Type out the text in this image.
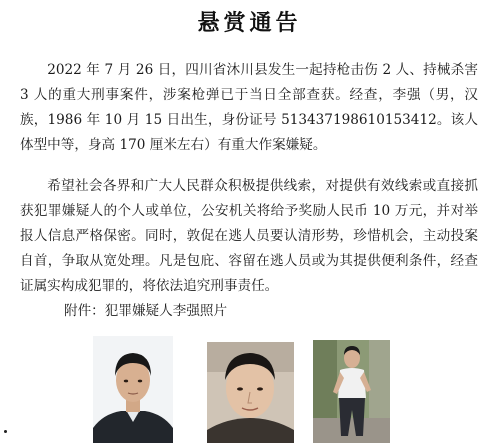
悬赏通告

2022 年 7 月 26 日，四川省沐川县发生一起持枪击伤 2 人、持械杀害 3 人的重大刑事案件，涉案枪弹已于当日全部查获。经查，李强（男，汉族，1986 年 10 月 15 日出生，身份证号 513437198610153412。该人体型中等，身高 170 厘米左右）有重大作案嫌疑。

希望社会各界和广大人民群众积极提供线索，对提供有效线索或直接抓获犯罪嫌疑人的个人或单位，公安机关将给予奖励人民币 10 万元，并对举报人信息严格保密。同时，敦促在逃人员要认清形势，珍惜机会，主动投案自首，争取从宽处理。凡是包庇、容留在逃人员或为其提供便利条件，经查证属实构成犯罪的，将依法追究刑事责任。

附件：犯罪嫌疑人李强照片
